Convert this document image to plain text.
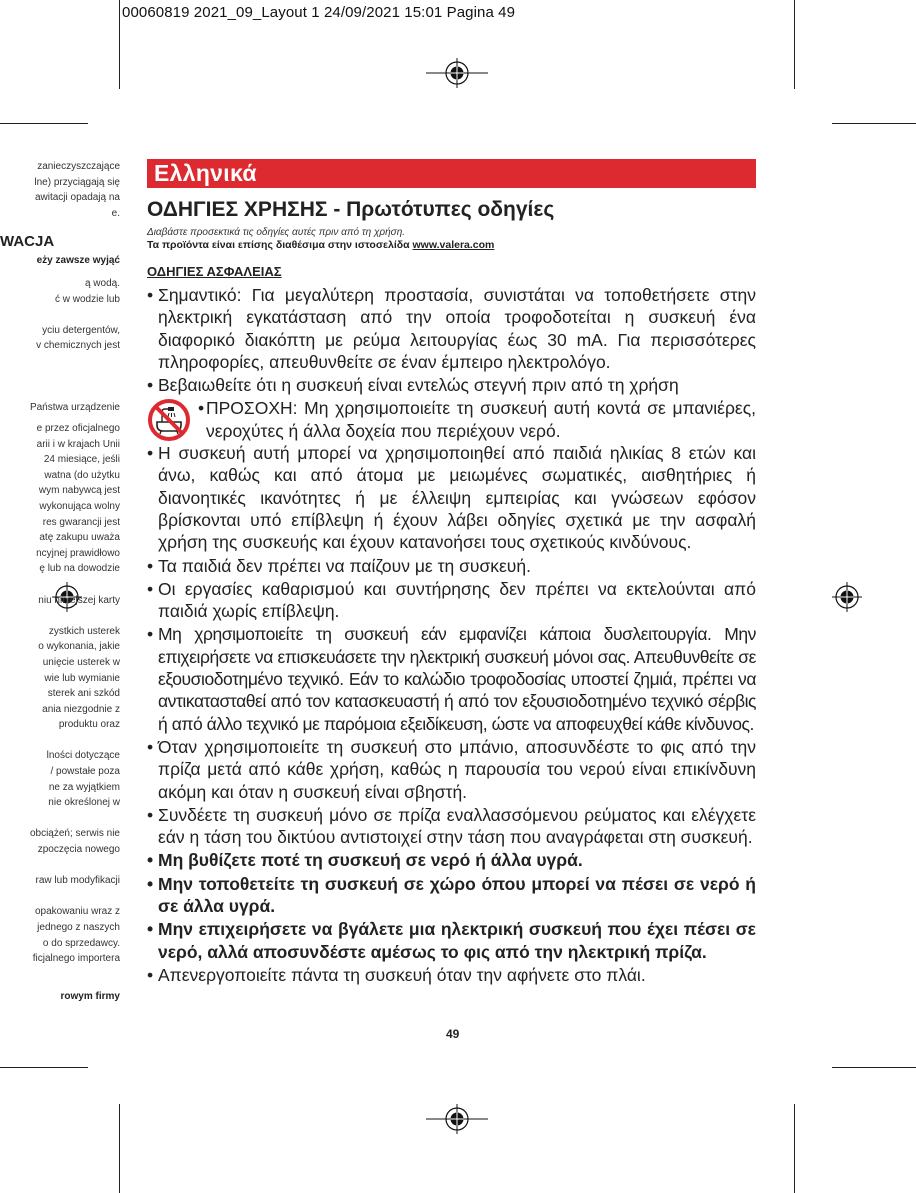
00060819 2021_09_Layout 1 24/09/2021 15:01 Pagina 49
zanieczyszczające
lne) przyciągają się
awitacji opadają na
e.
WACJA
eży zawsze wyjąć
ą wodą.
ć w wodzie lub

yciu detergentów,
v chemicznych jest
Państwa urządzenie
e przez oficjalnego
arii i w krajach Unii
24 miesiące, jeśli
watna (do użytku
wym nabywcą jest
wykonująca wolny
res gwarancji jest
atę zakupu uważa
ncyjnej prawidłowo
ę lub na dowodzie

niu niniejszej karty

zystkich usterek
o wykonania, jakie
unięcie usterek w
wie lub wymianie
sterek ani szkód
ania niezgodnie z
produktu oraz

lności dotyczące
/ powstałe poza
ne za wyjątkiem
nie określonej w

obciążeń; serwis nie
zpoczęcia nowego

raw lub modyfikacji

opakowaniu wraz z
jednego z naszych
o do sprzedawcy.
ficjalnego importera
rowym firmy
Ελληνικά
ΟΔΗΓΙΕΣ ΧΡΗΣΗΣ - Πρωτότυπες οδηγίες
Διαβάστε προσεκτικά τις οδηγίες αυτές πριν από τη χρήση.
Τα προϊόντα είναι επίσης διαθέσιμα στην ιστοσελίδα www.valera.com
ΟΔΗΓΙΕΣ ΑΣΦΑΛΕΙΑΣ
• Σημαντικό: Για μεγαλύτερη προστασία, συνιστάται να τοποθετήσετε στην ηλεκτρική εγκατάσταση από την οποία τροφοδοτείται η συσκευή ένα διαφορικό διακόπτη με ρεύμα λειτουργίας έως 30 mA. Για περισσότερες πληροφορίες, απευθυνθείτε σε έναν έμπειρο ηλεκτρολόγο.
• Βεβαιωθείτε ότι η συσκευή είναι εντελώς στεγνή πριν από τη χρήση
• ΠΡΟΣΟΧΗ: Μη χρησιμοποιείτε τη συσκευή αυτή κοντά σε μπανιέρες, νεροχύτες ή άλλα δοχεία που περιέχουν νερό.
• Η συσκευή αυτή μπορεί να χρησιμοποιηθεί από παιδιά ηλικίας 8 ετών και άνω, καθώς και από άτομα με μειωμένες σωματικές, αισθητήριες ή διανοητικές ικανότητες ή με έλλειψη εμπειρίας και γνώσεων εφόσον βρίσκονται υπό επίβλεψη ή έχουν λάβει οδηγίες σχετικά με την ασφαλή χρήση της συσκευής και έχουν κατανοήσει τους σχετικούς κινδύνους.
• Τα παιδιά δεν πρέπει να παίζουν με τη συσκευή.
• Οι εργασίες καθαρισμού και συντήρησης δεν πρέπει να εκτελούνται από παιδιά χωρίς επίβλεψη.
• Μη χρησιμοποιείτε τη συσκευή εάν εμφανίζει κάποια δυσλειτουργία. Μην επιχειρήσετε να επισκευάσετε την ηλεκτρική συσκευή μόνοι σας. Απευθυνθείτε σε εξουσιοδοτημένο τεχνικό. Εάν το καλώδιο τροφοδοσίας υποστεί ζημιά, πρέπει να αντικατασταθεί από τον κατασκευαστή ή από τον εξουσιοδοτημένο τεχνικό σέρβις ή από άλλο τεχνικό με παρόμοια εξειδίκευση, ώστε να αποφευχθεί κάθε κίνδυνος.
• Όταν χρησιμοποιείτε τη συσκευή στο μπάνιο, αποσυνδέστε το φις από την πρίζα μετά από κάθε χρήση, καθώς η παρουσία του νερού είναι επικίνδυνη ακόμη και όταν η συσκευή είναι σβηστή.
• Συνδέετε τη συσκευή μόνο σε πρίζα εναλλασσόμενου ρεύματος και ελέγχετε εάν η τάση του δικτύου αντιστοιχεί στην τάση που αναγράφεται στη συσκευή.
• Μη βυθίζετε ποτέ τη συσκευή σε νερό ή άλλα υγρά.
• Μην τοποθετείτε τη συσκευή σε χώρο όπου μπορεί να πέσει σε νερό ή σε άλλα υγρά.
• Μην επιχειρήσετε να βγάλετε μια ηλεκτρική συσκευή που έχει πέσει σε νερό, αλλά αποσυνδέστε αμέσως το φις από την ηλεκτρική πρίζα.
• Απενεργοποιείτε πάντα τη συσκευή όταν την αφήνετε στο πλάι.
49
